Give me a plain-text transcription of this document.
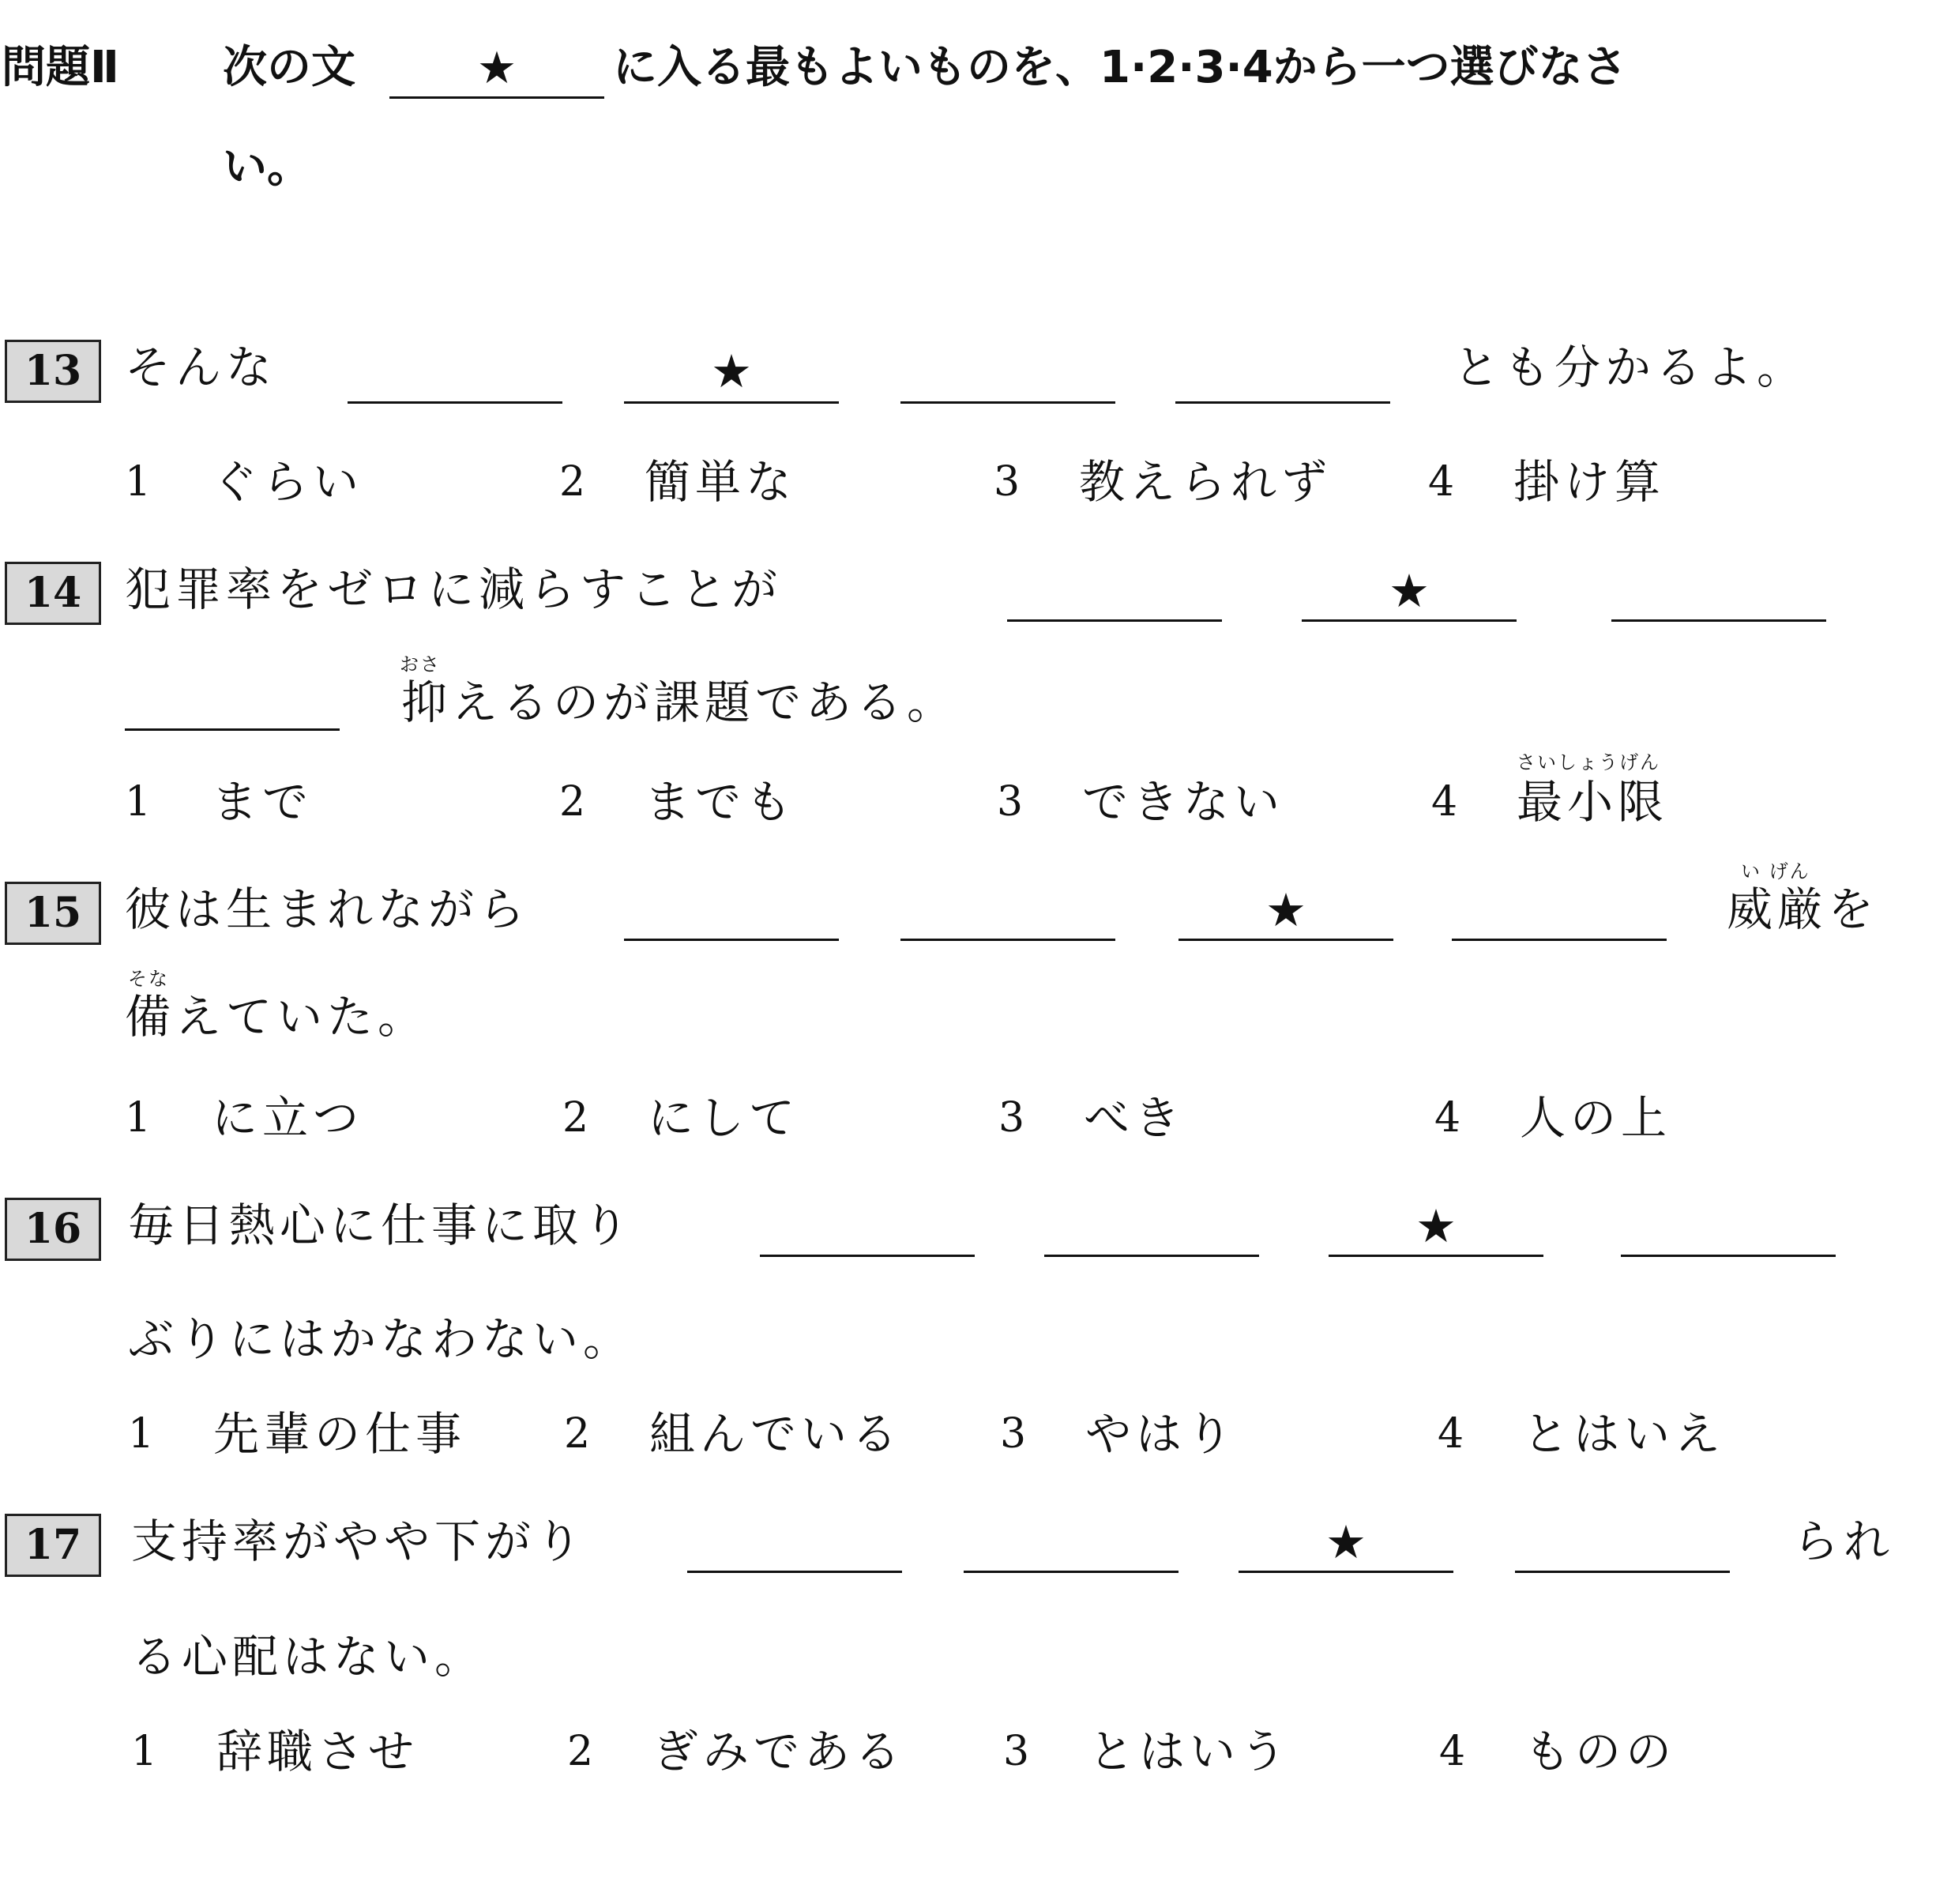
問題Ⅱ 次の文	★	に入る最もよいものを、1·2·3·4から一つ選びなさ
い。
13 そんな	★	とも分かるよ。
1 ぐらい	2 簡単な	3 教えられず 4 掛け算
14 犯罪率をゼロに減らすことが	★
おさ
抑えるのが課題である。
さいしょうげん
1 まで	2 までも	3 できない	4 最小限
15 彼は生まれながら	★
い げん
威厳を
そな
備えていた。
1 に立つ	2 にして	3 べき	4 人の上
16	毎日熱心に仕事に取り	★
ぶりにはかなわない。
1 先輩の仕事 2 組んでいる 3 やはり	4 とはいえ
17	支持率がやや下がり	★	られ
る心配はない。
1 辞職させ	2 ぎみである 3 とはいう	4 ものの
